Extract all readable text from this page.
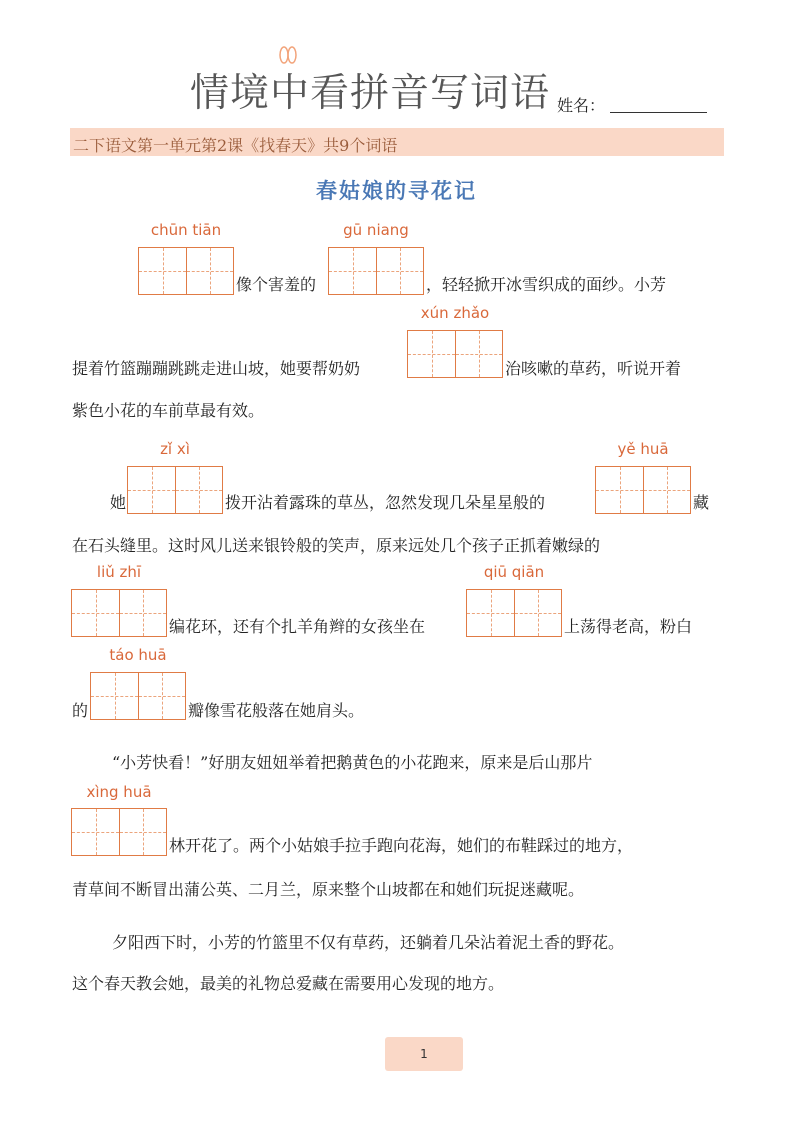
情境中看拼音写词语 姓名：
二下语文第一单元第2课《找春天》共9个词语
春姑娘的寻花记
chūn tiān
像个害羞的
gū niang
，轻轻掀开冰雪织成的面纱。小芳
提着竹篮蹦蹦跳跳走进山坡，她要帮奶奶
xún zhǎo
治咳嗽的草药，听说开着
紫色小花的车前草最有效。
她
zǐ xì
拨开沾着露珠的草丛，忽然发现几朵星星般的
yě huā
藏
在石头缝里。这时风儿送来银铃般的笑声，原来远处几个孩子正抓着嫩绿的
liǔ zhī
编花环，还有个扎羊角辫的女孩坐在
qiū qiān
上荡得老高，粉白
的
táo huā
瓣像雪花般落在她肩头。
“小芳快看！”好朋友妞妞举着把鹅黄色的小花跑来，原来是后山那片
xìng huā
林开花了。两个小姑娘手拉手跑向花海，她们的布鞋踩过的地方，
青草间不断冒出蒲公英、二月兰，原来整个山坡都在和她们玩捉迷藏呢。
夕阳西下时，小芳的竹篮里不仅有草药，还躺着几朵沾着泥土香的野花。
这个春天教会她，最美的礼物总爱藏在需要用心发现的地方。
1
